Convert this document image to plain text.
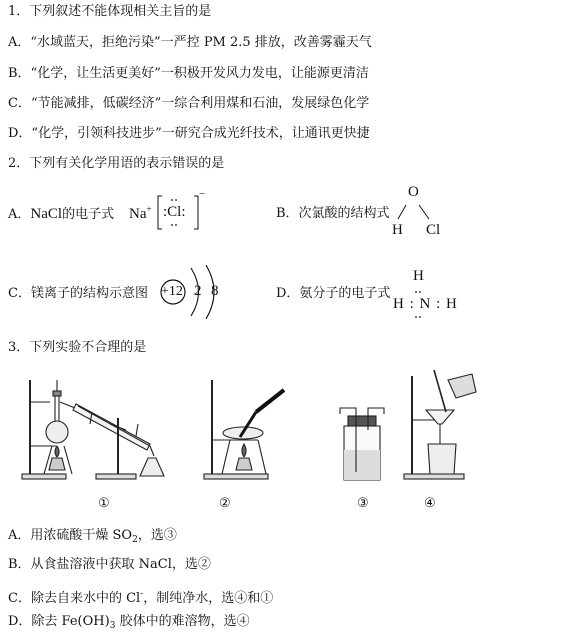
1．下列叙述不能体现相关主旨的是
A．“水域蓝天，拒绝污染”一严控 PM 2.5 排放，改善雾霾天气
B．“化学，让生活更美好”一积极开发风力发电，让能源更清洁
C．“节能减排，低碳经济”一综合利用煤和石油，发展绿色化学
D．“化学，引领科技进步”一研究合成光纤技术，让通讯更快捷
2．下列有关化学用语的表示错误的是
A．NaCl的电子式 Na+ :Cl:
−
B．次氯酸的结构式
O
H Cl
C．镁离子的结构示意图 +12 2 8	D．氨分子的电子式
H
H : N : H
3．下列实验不合理的是
①	②	③	④
A．用浓硫酸干燥 $SO_2$，选③
B．从食盐溶液中获取 NaCl，选②
C．除去自来水中的 Cl-，制纯净水，选④和①
D．除去 $Fe(OH)_3$ 胶体中的难溶物，选④
